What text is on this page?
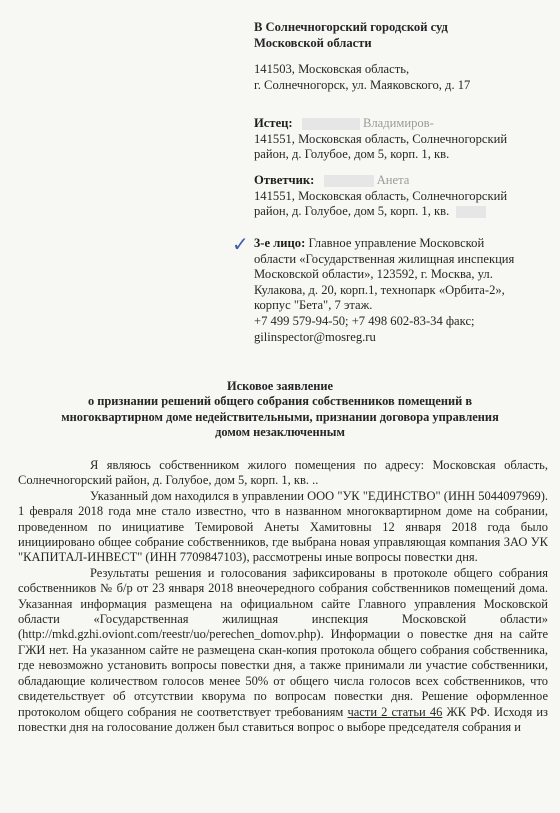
В Солнечногорский городской суд
Московской области
141503, Московская область,
г. Солнечногорск, ул. Маяковского, д. 17
Истец:	Владимиров-
141551, Московская область, Солнечногорский
район, д. Голубое, дом 5, корп. 1, кв.
Ответчик:	Анета
141551, Московская область, Солнечногорский
район, д. Голубое, дом 5, корп. 1, кв.
✓ 3-е лицо: Главное управление Московской
области «Государственная жилищная инспекция
Московской области», 123592, г. Москва, ул.
Кулакова, д. 20, корп.1, технопарк «Орбита-2»,
корпус "Бета", 7 этаж.
+7 499 579-94-50; +7 498 602-83-34 факс;
gilinspector@mosreg.ru
Исковое заявление
о признании решений общего собрания собственников помещений в
многоквартирном доме недействительными, признании договора управления
домом незаключенным

Я являюсь собственником жилого помещения по адресу: Московская область, Солнечногорский район, д. Голубое, дом 5, корп. 1, кв. ..

Указанный дом находился в управлении ООО "УК "ЕДИНСТВО" (ИНН 5044097969). 1 февраля 2018 года мне стало известно, что в названном многоквартирном доме на собрании, проведенном по инициативе Темировой Анеты Хамитовны 12 января 2018 года было инициировано общее собрание собственников, где выбрана новая управляющая компания ЗАО УК "КАПИТАЛ-ИНВЕСТ" (ИНН 7709847103), рассмотрены иные вопросы повестки дня.

Результаты решения и голосования зафиксированы в протоколе общего собрания собственников № б/р от 23 января 2018 внеочередного собрания собственников помещений дома. Указанная информация размещена на официальном сайте Главного управления Московской области «Государственная жилищная инспекция Московской области» (http://mkd.gzhi.oviont.com/reestr/uo/perechen_domov.php). Информации о повестке дня на сайте ГЖИ нет. На указанном сайте не размещена скан-копия протокола общего собрания собственника, где невозможно установить вопросы повестки дня, а также принимали ли участие собственники, обладающие количеством голосов менее 50% от общего числа голосов всех собственников, что свидетельствует об отсутствии кворума по вопросам повестки дня. Решение оформленное протоколом общего собрания не соответствует требованиям части 2 статьи 46 ЖК РФ. Исходя из повестки дня на голосование должен был ставиться вопрос о выборе председателя собрания и
